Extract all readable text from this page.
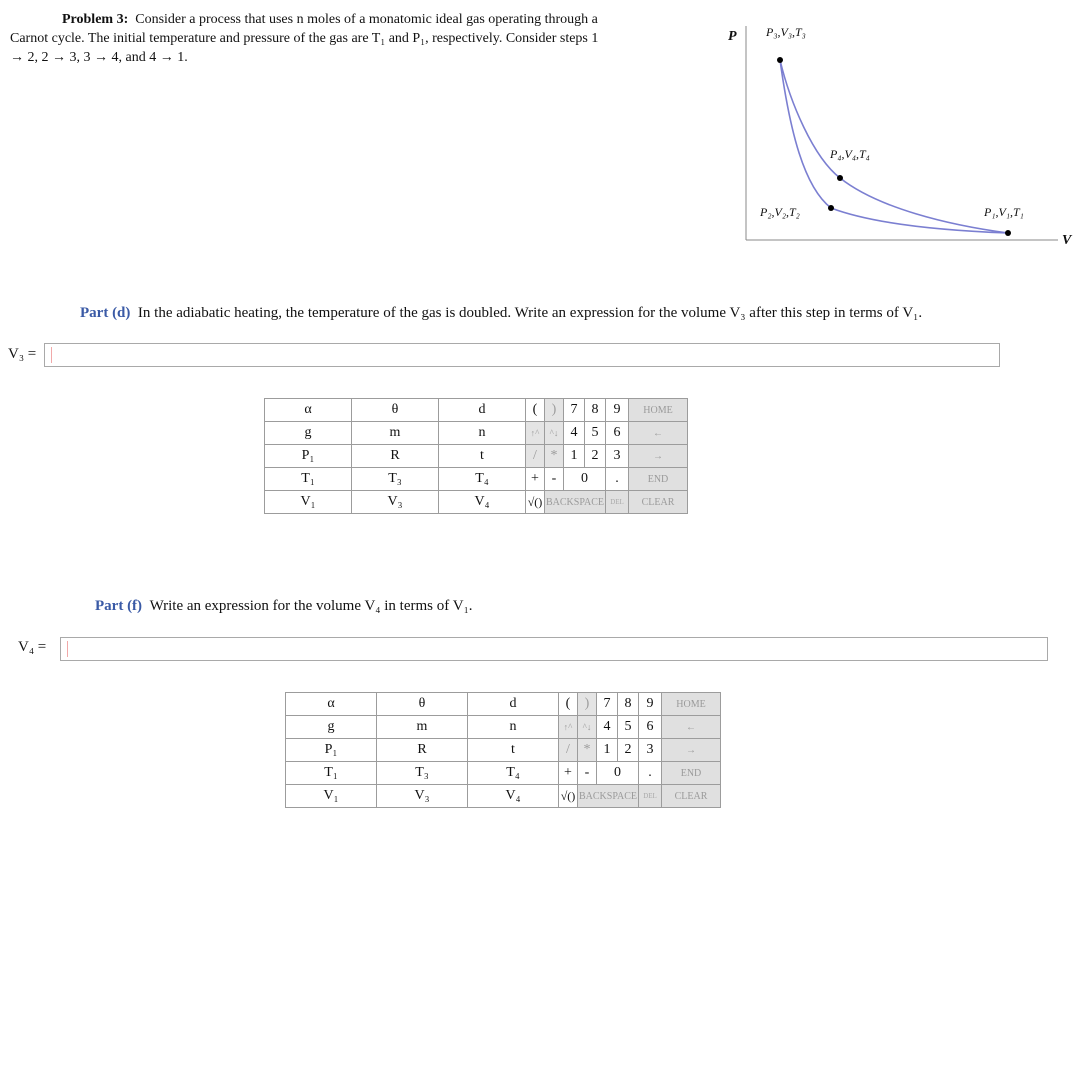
Problem 3: Consider a process that uses n moles of a monatomic ideal gas operating through a
Carnot cycle. The initial temperature and pressure of the gas are T₁ and P₁, respectively. Consider steps 1
→ 2, 2 → 3, 3 → 4, and 4 → 1.
P
V
P₃,V₃,T₃
P₄,V₄,T₄
P₂,V₂,T₂	P₁,V₁,T₁
Part (d) In the adiabatic heating, the temperature of the gas is doubled. Write an expression for the volume V₃ after this step in terms of V₁.
V₃ =
α	θ	d	(	)	7	8	9	HOME
g	m	n	↑^	^↓	4	5	6	←
P₁	R	t	/	*	1	2	3	→
T₁	T₃	T₄	+	-	0		.	END
V₁	V₃	V₄	√()	BACKSPACE			DEL	CLEAR
Part (f) Write an expression for the volume V₄ in terms of V₁.
V₄ =
α	θ	d	(	)	7	8	9	HOME
g	m	n	↑^	^↓	4	5	6	←
P₁	R	t	/	*	1	2	3	→
T₁	T₃	T₄	+	-	0		.	END
V₁	V₃	V₄	√()	BACKSPACE			DEL	CLEAR
